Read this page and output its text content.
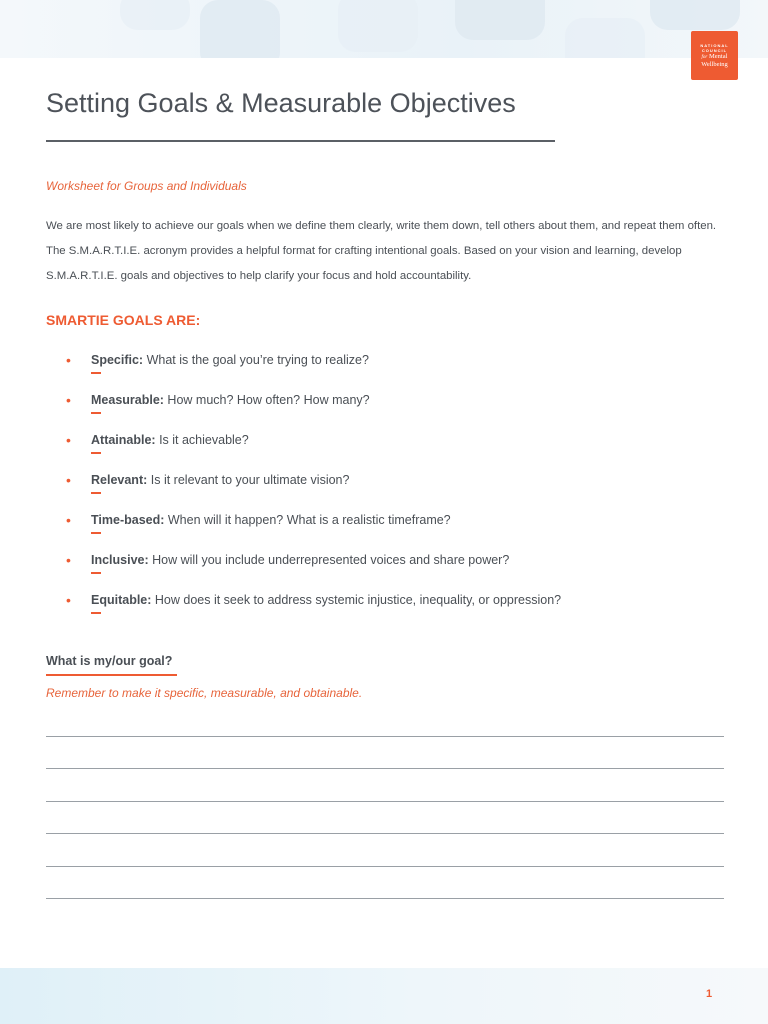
NATIONAL
COUNCIL
for Mental
Wellbeing
Setting Goals & Measurable Objectives
Worksheet for Groups and Individuals

We are most likely to achieve our goals when we define them clearly, write them down, tell others about them, and repeat them often. The S.M.A.R.T.I.E. acronym provides a helpful format for crafting intentional goals. Based on your vision and learning, develop S.M.A.R.T.I.E. goals and objectives to help clarify your focus and hold accountability.

SMARTIE GOALS ARE:
• Specific: What is the goal you’re trying to realize?
• Measurable: How much? How often? How many?
• Attainable: Is it achievable?
• Relevant: Is it relevant to your ultimate vision?
• Time-based: When will it happen? What is a realistic timeframe?
• Inclusive: How will you include underrepresented voices and share power?
• Equitable: How does it seek to address systemic injustice, inequality, or oppression?
What is my/our goal?
Remember to make it specific, measurable, and obtainable.
1
